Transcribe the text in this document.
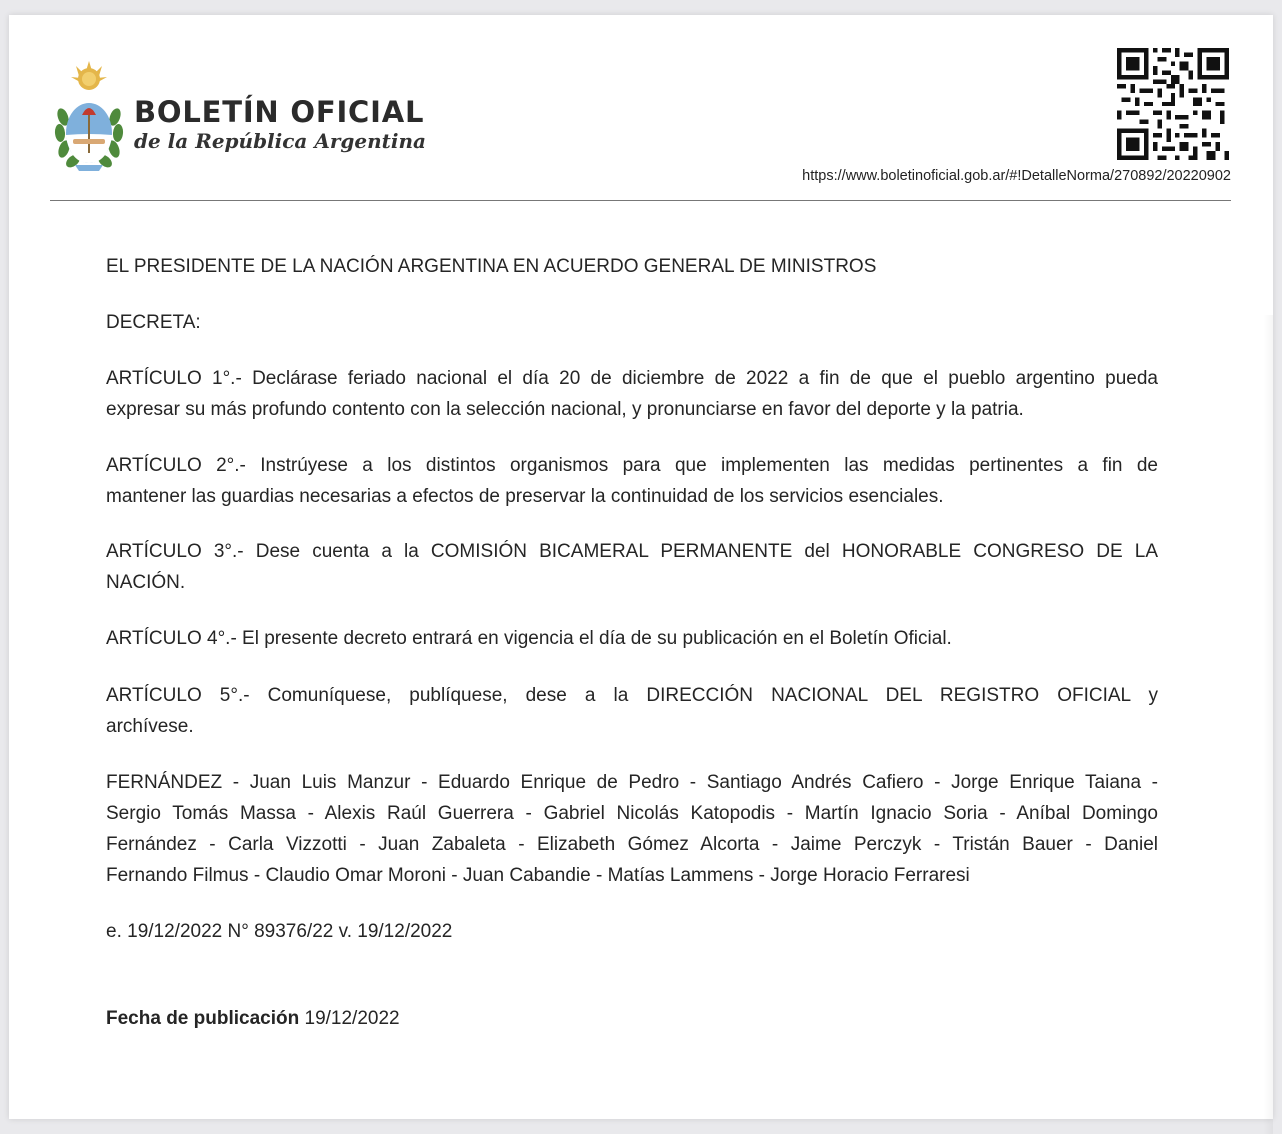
BOLETÍN OFICIAL
de la República Argentina
https://www.boletinoficial.gob.ar/#!DetalleNorma/270892/20220902
EL PRESIDENTE DE LA NACIÓN ARGENTINA EN ACUERDO GENERAL DE MINISTROS
DECRETA:
ARTÍCULO 1°.- Declárase feriado nacional el día 20 de diciembre de 2022 a fin de que el pueblo argentino pueda
expresar su más profundo contento con la selección nacional, y pronunciarse en favor del deporte y la patria.
ARTÍCULO 2°.- Instrúyese a los distintos organismos para que implementen las medidas pertinentes a fin de
mantener las guardias necesarias a efectos de preservar la continuidad de los servicios esenciales.
ARTÍCULO 3°.- Dese cuenta a la COMISIÓN BICAMERAL PERMANENTE del HONORABLE CONGRESO DE LA
NACIÓN.
ARTÍCULO 4°.- El presente decreto entrará en vigencia el día de su publicación en el Boletín Oficial.
ARTÍCULO 5°.- Comuníquese, publíquese, dese a la DIRECCIÓN NACIONAL DEL REGISTRO OFICIAL y
archívese.
FERNÁNDEZ - Juan Luis Manzur - Eduardo Enrique de Pedro - Santiago Andrés Cafiero - Jorge Enrique Taiana -
Sergio Tomás Massa - Alexis Raúl Guerrera - Gabriel Nicolás Katopodis - Martín Ignacio Soria - Aníbal Domingo
Fernández - Carla Vizzotti - Juan Zabaleta - Elizabeth Gómez Alcorta - Jaime Perczyk - Tristán Bauer - Daniel
Fernando Filmus - Claudio Omar Moroni - Juan Cabandie - Matías Lammens - Jorge Horacio Ferraresi
e. 19/12/2022 N° 89376/22 v. 19/12/2022
Fecha de publicación 19/12/2022
